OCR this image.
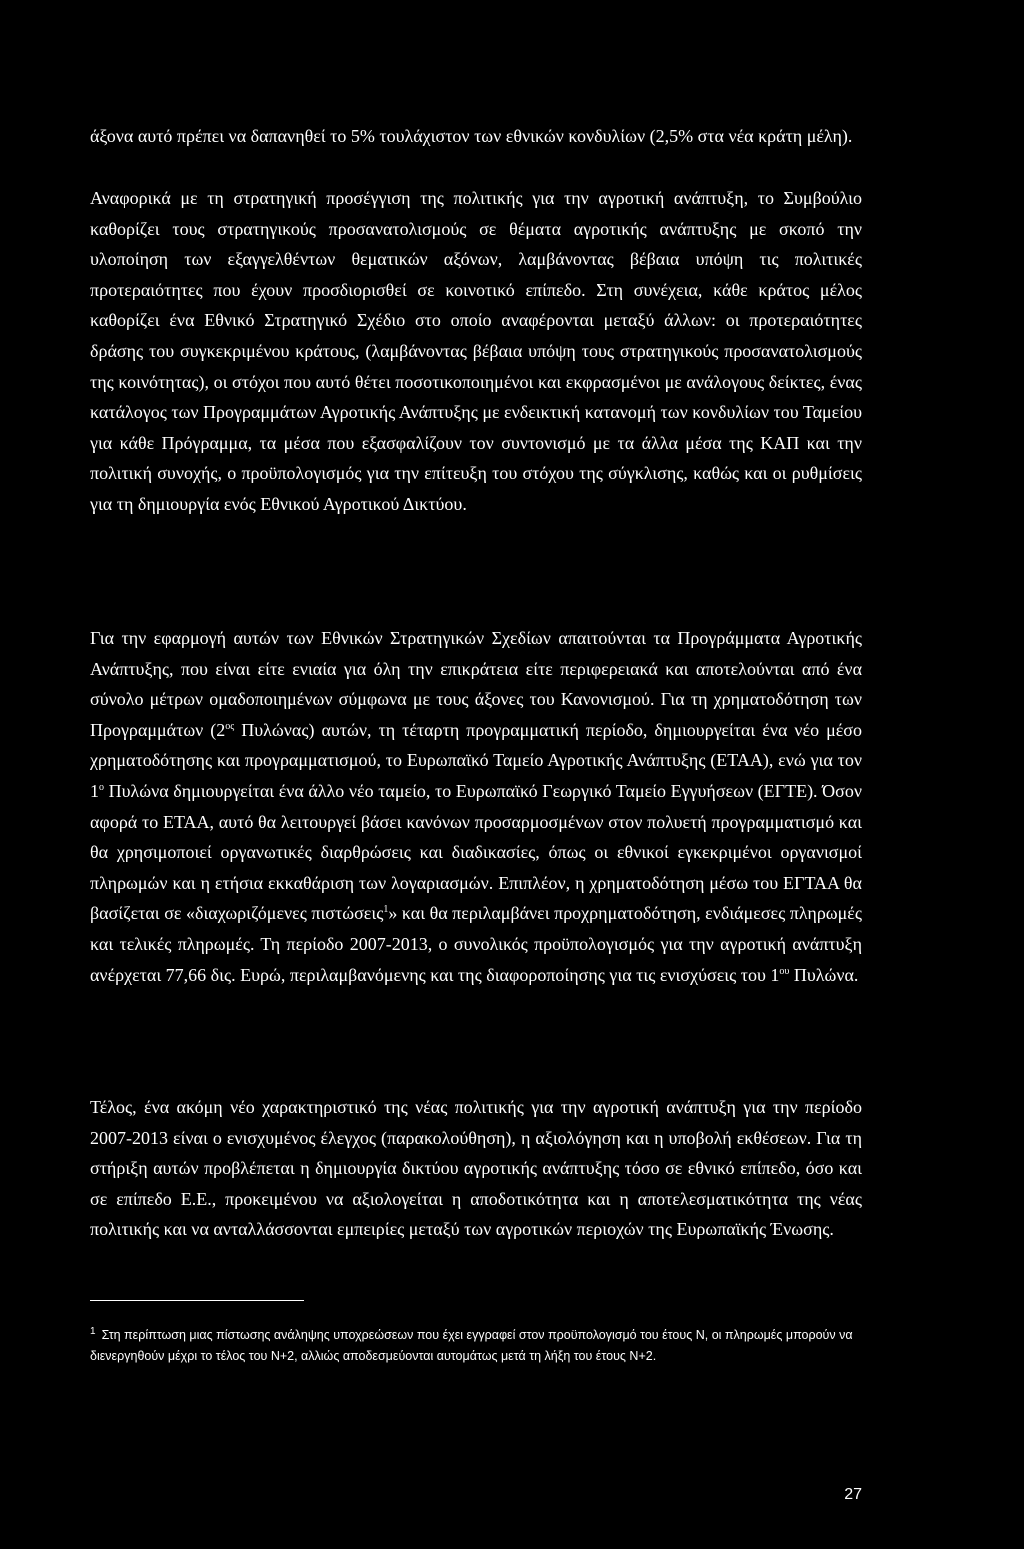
άξονα αυτό πρέπει να δαπανηθεί το 5% τουλάχιστον των εθνικών κονδυλίων (2,5% στα νέα κράτη μέλη).

Αναφορικά με τη στρατηγική προσέγγιση της πολιτικής για την αγροτική ανάπτυξη, το Συμβούλιο καθορίζει τους στρατηγικούς προσανατολισμούς σε θέματα αγροτικής ανάπτυξης με σκοπό την υλοποίηση των εξαγγελθέντων θεματικών αξόνων, λαμβάνοντας βέβαια υπόψη τις πολιτικές προτεραιότητες που έχουν προσδιορισθεί σε κοινοτικό επίπεδο. Στη συνέχεια, κάθε κράτος μέλος καθορίζει ένα Εθνικό Στρατηγικό Σχέδιο στο οποίο αναφέρονται μεταξύ άλλων: οι προτεραιότητες δράσης του συγκεκριμένου κράτους, (λαμβάνοντας βέβαια υπόψη τους στρατηγικούς προσανατολισμούς της κοινότητας), οι στόχοι που αυτό θέτει ποσοτικοποιημένοι και εκφρασμένοι με ανάλογους δείκτες, ένας κατάλογος των Προγραμμάτων Αγροτικής Ανάπτυξης με ενδεικτική κατανομή των κονδυλίων του Ταμείου για κάθε Πρόγραμμα, τα μέσα που εξασφαλίζουν τον συντονισμό με τα άλλα μέσα της ΚΑΠ και την πολιτική συνοχής, ο προϋπολογισμός για την επίτευξη του στόχου της σύγκλισης, καθώς και οι ρυθμίσεις για τη δημιουργία ενός Εθνικού Αγροτικού Δικτύου.

Για την εφαρμογή αυτών των Εθνικών Στρατηγικών Σχεδίων απαιτούνται τα Προγράμματα Αγροτικής Ανάπτυξης, που είναι είτε ενιαία για όλη την επικράτεια είτε περιφερειακά και αποτελούνται από ένα σύνολο μέτρων ομαδοποιημένων σύμφωνα με τους άξονες του Κανονισμού. Για τη χρηματοδότηση των Προγραμμάτων ($2^{o\varsigma}$ Πυλώνας) αυτών, τη τέταρτη προγραμματική περίοδο, δημιουργείται ένα νέο μέσο χρηματοδότησης και προγραμματισμού, το Ευρωπαϊκό Ταμείο Αγροτικής Ανάπτυξης (ΕΤΑΑ), ενώ για τον $1^o$ Πυλώνα δημιουργείται ένα άλλο νέο ταμείο, το Ευρωπαϊκό Γεωργικό Ταμείο Εγγυήσεων (ΕΓΤΕ). Όσον αφορά το ΕΤΑΑ, αυτό θα λειτουργεί βάσει κανόνων προσαρμοσμένων στον πολυετή προγραμματισμό και θα χρησιμοποιεί οργανωτικές διαρθρώσεις και διαδικασίες, όπως οι εθνικοί εγκεκριμένοι οργανισμοί πληρωμών και η ετήσια εκκαθάριση των λογαριασμών. Επιπλέον, η χρηματοδότηση μέσω του ΕΓΤΑΑ θα βασίζεται σε «διαχωριζόμενες πιστώσεις$^1$» και θα περιλαμβάνει προχρηματοδότηση, ενδιάμεσες πληρωμές και τελικές πληρωμές. Τη περίοδο 2007-2013, ο συνολικός προϋπολογισμός για την αγροτική ανάπτυξη ανέρχεται 77,66 δις. Ευρώ, περιλαμβανόμενης και της διαφοροποίησης για τις ενισχύσεις του $1^{o\upsilon}$ Πυλώνα.

Τέλος, ένα ακόμη νέο χαρακτηριστικό της νέας πολιτικής για την αγροτική ανάπτυξη για την περίοδο 2007-2013 είναι ο ενισχυμένος έλεγχος (παρακολούθηση), η αξιολόγηση και η υποβολή εκθέσεων. Για τη στήριξη αυτών προβλέπεται η δημιουργία δικτύου αγροτικής ανάπτυξης τόσο σε εθνικό επίπεδο, όσο και σε επίπεδο Ε.Ε., προκειμένου να αξιολογείται η αποδοτικότητα και η αποτελεσματικότητα της νέας πολιτικής και να ανταλλάσσονται εμπειρίες μεταξύ των αγροτικών περιοχών της Ευρωπαϊκής Ένωσης.

$^1$ Στη περίπτωση μιας πίστωσης ανάληψης υποχρεώσεων που έχει εγγραφεί στον προϋπολογισμό του έτους Ν, οι πληρωμές μπορούν να διενεργηθούν μέχρι το τέλος του Ν+2, αλλιώς αποδεσμεύονται αυτομάτως μετά τη λήξη του έτους Ν+2.
27
